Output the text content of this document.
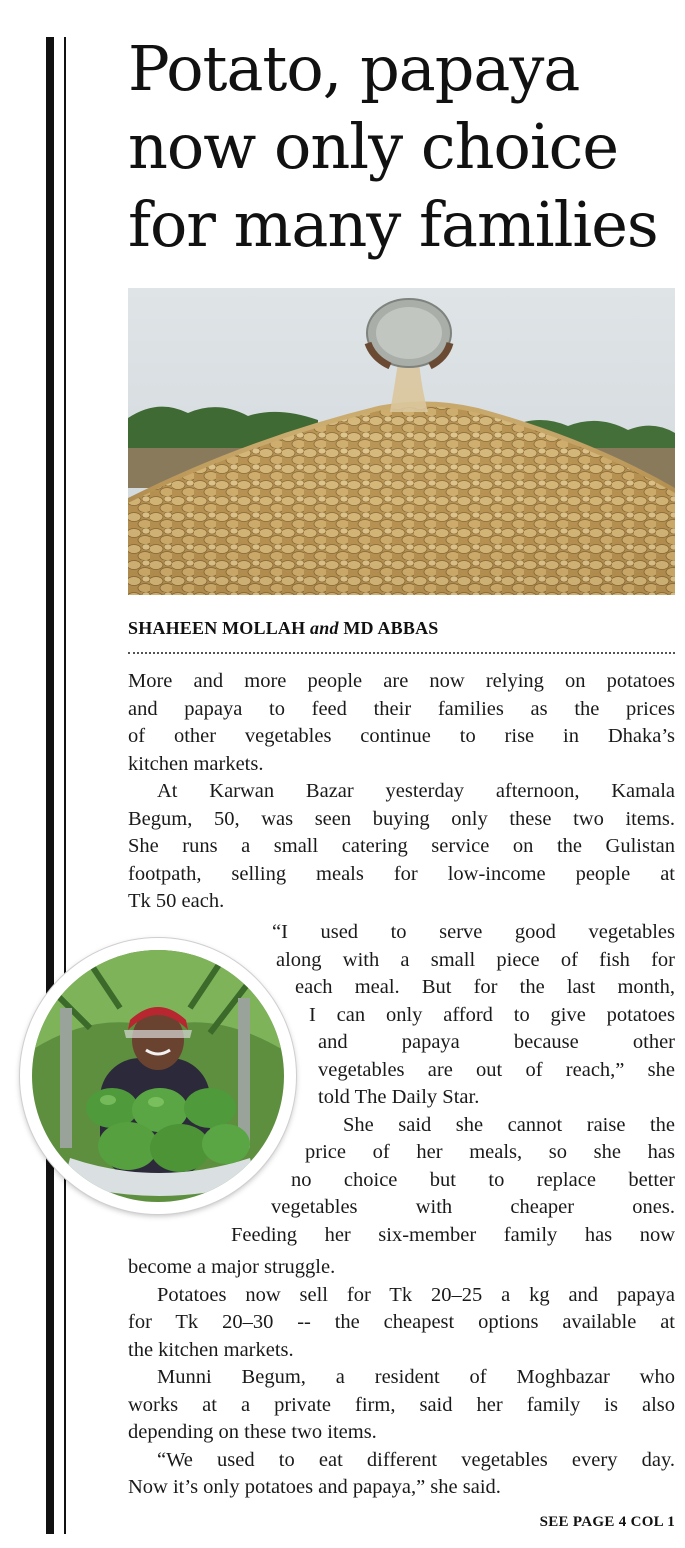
Potato, papaya
now only choice
for many families
SHAHEEN MOLLAH and MD ABBAS
More and more people are now relying on potatoes
and papaya to feed their families as the prices
of other vegetables continue to rise in Dhaka’s
kitchen markets.
At Karwan Bazar yesterday afternoon, Kamala
Begum, 50, was seen buying only these two items.
She runs a small catering service on the Gulistan
footpath, selling meals for low-income people at
Tk 50 each.
“I used to serve good vegetables
along with a small piece of fish for
each meal. But for the last month,
I can only afford to give potatoes
and papaya because other
vegetables are out of reach,” she
told The Daily Star.
She said she cannot raise the
price of her meals, so she has
no choice but to replace better
vegetables with cheaper ones.
Feeding her six-member family has now
become a major struggle.
Potatoes now sell for Tk 20–25 a kg and papaya
for Tk 20–30 -- the cheapest options available at
the kitchen markets.
Munni Begum, a resident of Moghbazar who
works at a private firm, said her family is also
depending on these two items.
“We used to eat different vegetables every day.
Now it’s only potatoes and papaya,” she said.
SEE PAGE 4 COL 1
